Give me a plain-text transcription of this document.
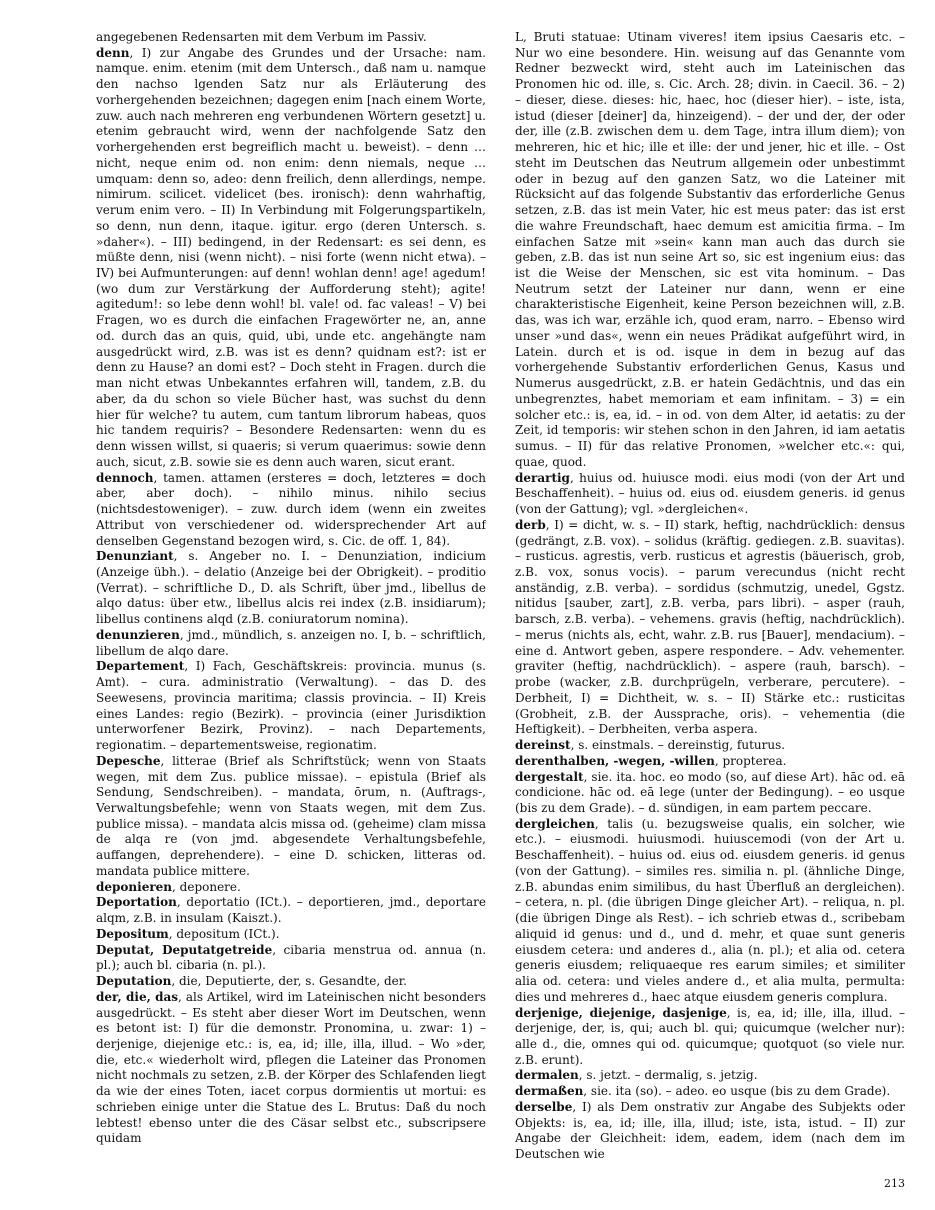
angegebenen Redensarten mit dem Verbum im Passiv.

denn, I) zur Angabe des Grundes und der Ursache: nam. namque. enim. etenim (mit dem Untersch., daß nam u. namque den nachso lgenden Satz nur als Erläuterung des vorhergehenden bezeichnen; dagegen enim [nach einem Worte, zuw. auch nach mehreren eng verbundenen Wörtern gesetzt] u. etenim gebraucht wird, wenn der nachfolgende Satz den vorhergehenden erst begreiflich macht u. beweist). – denn … nicht, neque enim od. non enim: denn niemals, neque … umquam: denn so, adeo: denn freilich, denn allerdings, nempe. nimirum. scilicet. videlicet (bes. ironisch): denn wahrhaftig, verum enim vero. – II) In Verbindung mit Folgerungspartikeln, so denn, nun denn, itaque. igitur. ergo (deren Untersch. s. »daher«). – III) bedingend, in der Redensart: es sei denn, es müßte denn, nisi (wenn nicht). – nisi forte (wenn nicht etwa). – IV) bei Aufmunterungen: auf denn! wohlan denn! age! agedum! (wo dum zur Verstärkung der Aufforderung steht); agite! agitedum!: so lebe denn wohl! bl. vale! od. fac valeas! – V) bei Fragen, wo es durch die einfachen Fragewörter ne, an, anne od. durch das an quis, quid, ubi, unde etc. angehängte nam ausgedrückt wird, z.B. was ist es denn? quidnam est?: ist er denn zu Hause? an domi est? – Doch steht in Fragen. durch die man nicht etwas Unbekanntes erfahren will, tandem, z.B. du aber, da du schon so viele Bücher hast, was suchst du denn hier für welche? tu autem, cum tantum librorum habeas, quos hic tandem requiris? – Besondere Redensarten: wenn du es denn wissen willst, si quaeris; si verum quaerimus: sowie denn auch, sicut, z.B. sowie sie es denn auch waren, sicut erant.

dennoch, tamen. attamen (ersteres = doch, letzteres = doch aber, aber doch). – nihilo minus. nihilo secius (nichtsdestoweniger). – zuw. durch idem (wenn ein zweites Attribut von verschiedener od. widersprechender Art auf denselben Gegenstand bezogen wird, s. Cic. de off. 1, 84).

Denunziant, s. Angeber no. I. – Denunziation, indicium (Anzeige übh.). – delatio (Anzeige bei der Obrigkeit). – proditio (Verrat). – schriftliche D., D. als Schrift, über jmd., libellus de alqo datus: über etw., libellus alcis rei index (z.B. insidiarum); libellus continens alqd (z.B. coniuratorum nomina).

denunzieren, jmd., mündlich, s. anzeigen no. I, b. – schriftlich, libellum de alqo dare.

Departement, I) Fach, Geschäftskreis: provincia. munus (s. Amt). – cura. administratio (Verwaltung). – das D. des Seewesens, provincia maritima; classis provincia. – II) Kreis eines Landes: regio (Bezirk). – provincia (einer Jurisdiktion unterworfener Bezirk, Provinz). – nach Departements, regionatim. – departementsweise, regionatim.

Depesche, litterae (Brief als Schriftstück; wenn von Staats wegen, mit dem Zus. publice missae). – epistula (Brief als Sendung, Sendschreiben). – mandata, ōrum, n. (Auftrags-, Verwaltungsbefehle; wenn von Staats wegen, mit dem Zus. publice missa). – mandata alcis missa od. (geheime) clam missa de alqa re (von jmd. abgesendete Verhaltungsbefehle, auffangen, deprehendere). – eine D. schicken, litteras od. mandata publice mittere.

deponieren, deponere.

Deportation, deportatio (ICt.). – deportieren, jmd., deportare alqm, z.B. in insulam (Kaiszt.).

Depositum, depositum (ICt.).

Deputat, Deputatgetreide, cibaria menstrua od. annua (n. pl.); auch bl. cibaria (n. pl.).

Deputation, die, Deputierte, der, s. Gesandte, der.

der, die, das, als Artikel, wird im Lateinischen nicht besonders ausgedrückt. – Es steht aber dieser Wort im Deutschen, wenn es betont ist: I) für die demonstr. Pronomina, u. zwar: 1) – derjenige, diejenige etc.: is, ea, id; ille, illa, illud. – Wo »der, die, etc.« wiederholt wird, pflegen die Lateiner das Pronomen nicht nochmals zu setzen, z.B. der Körper des Schlafenden liegt da wie der eines Toten, iacet corpus dormientis ut mortui: es schrieben einige unter die Statue des L. Brutus: Daß du noch lebtest! ebenso unter die des Cäsar selbst etc., subscripsere quidam

L, Bruti statuae: Utinam viveres! item ipsius Caesaris etc. – Nur wo eine besondere. Hin. weisung auf das Genannte vom Redner bezweckt wird, steht auch im Lateinischen das Pronomen hic od. ille, s. Cic. Arch. 28; divin. in Caecil. 36. – 2) – dieser, diese. dieses: hic, haec, hoc (dieser hier). – iste, ista, istud (dieser [deiner] da, hinzeigend). – der und der, der oder der, ille (z.B. zwischen dem u. dem Tage, intra illum diem); von mehreren, hic et hic; ille et ille: der und jener, hic et ille. – Ost steht im Deutschen das Neutrum allgemein oder unbestimmt oder in bezug auf den ganzen Satz, wo die Lateiner mit Rücksicht auf das folgende Substantiv das erforderliche Genus setzen, z.B. das ist mein Vater, hic est meus pater: das ist erst die wahre Freundschaft, haec demum est amicitia firma. – Im einfachen Satze mit »sein« kann man auch das durch sie geben, z.B. das ist nun seine Art so, sic est ingenium eius: das ist die Weise der Menschen, sic est vita hominum. – Das Neutrum setzt der Lateiner nur dann, wenn er eine charakteristische Eigenheit, keine Person bezeichnen will, z.B. das, was ich war, erzähle ich, quod eram, narro. – Ebenso wird unser »und das«, wenn ein neues Prädikat aufgeführt wird, in Latein. durch et is od. isque in dem in bezug auf das vorhergehende Substantiv erforderlichen Genus, Kasus und Numerus ausgedrückt, z.B. er hatein Gedächtnis, und das ein unbegrenztes, habet memoriam et eam infinitam. – 3) = ein solcher etc.: is, ea, id. – in od. von dem Alter, id aetatis: zu der Zeit, id temporis: wir stehen schon in den Jahren, id iam aetatis sumus. – II) für das relative Pronomen, »welcher etc.«: qui, quae, quod.

derartig, huius od. huiusce modi. eius modi (von der Art und Beschaffenheit). – huius od. eius od. eiusdem generis. id genus (von der Gattung); vgl. »dergleichen«.

derb, I) = dicht, w. s. – II) stark, heftig, nachdrücklich: densus (gedrängt, z.B. vox). – solidus (kräftig. gediegen. z.B. suavitas). – rusticus. agrestis, verb. rusticus et agrestis (bäuerisch, grob, z.B. vox, sonus vocis). – parum verecundus (nicht recht anständig, z.B. verba). – sordidus (schmutzig, unedel, Ggstz. nitidus [sauber, zart], z.B. verba, pars libri). – asper (rauh, barsch, z.B. verba). – vehemens. gravis (heftig, nachdrücklich). – merus (nichts als, echt, wahr. z.B. rus [Bauer], mendacium). – eine d. Antwort geben, aspere respondere. – Adv. vehementer. graviter (heftig, nachdrücklich). – aspere (rauh, barsch). – probe (wacker, z.B. durchprügeln, verberare, percutere). – Derbheit, I) = Dichtheit, w. s. – II) Stärke etc.: rusticitas (Grobheit, z.B. der Aussprache, oris). – vehementia (die Heftigkeit). – Derbheiten, verba aspera.

dereinst, s. einstmals. – dereinstig, futurus.

derenthalben, -wegen, -willen, propterea.

dergestalt, sie. ita. hoc. eo modo (so, auf diese Art). hāc od. eā condicione. hāc od. eā lege (unter der Bedingung). – eo usque (bis zu dem Grade). – d. sündigen, in eam partem peccare.

dergleichen, talis (u. bezugsweise qualis, ein solcher, wie etc.). – eiusmodi. huiusmodi. huiuscemodi (von der Art u. Beschaffenheit). – huius od. eius od. eiusdem generis. id genus (von der Gattung). – similes res. similia n. pl. (ähnliche Dinge, z.B. abundas enim similibus, du hast Überfluß an dergleichen). – cetera, n. pl. (die übrigen Dinge gleicher Art). – reliqua, n. pl. (die übrigen Dinge als Rest). – ich schrieb etwas d., scribebam aliquid id genus: und d., und d. mehr, et quae sunt generis eiusdem cetera: und anderes d., alia (n. pl.); et alia od. cetera generis eiusdem; reliquaeque res earum similes; et similiter alia od. cetera: und vieles andere d., et alia multa, permulta: dies und mehreres d., haec atque eiusdem generis complura.

derjenige, diejenige, dasjenige, is, ea, id; ille, illa, illud. – derjenige, der, is, qui; auch bl. qui; quicumque (welcher nur): alle d., die, omnes qui od. quicumque; quotquot (so viele nur. z.B. erunt).

dermalen, s. jetzt. – dermalig, s. jetzig.

dermaßen, sie. ita (so). – adeo. eo usque (bis zu dem Grade).

derselbe, I) als Dem onstrativ zur Angabe des Subjekts oder Objekts: is, ea, id; ille, illa, illud; iste, ista, istud. – II) zur Angabe der Gleichheit: idem, eadem, idem (nach dem im Deutschen wie

213
